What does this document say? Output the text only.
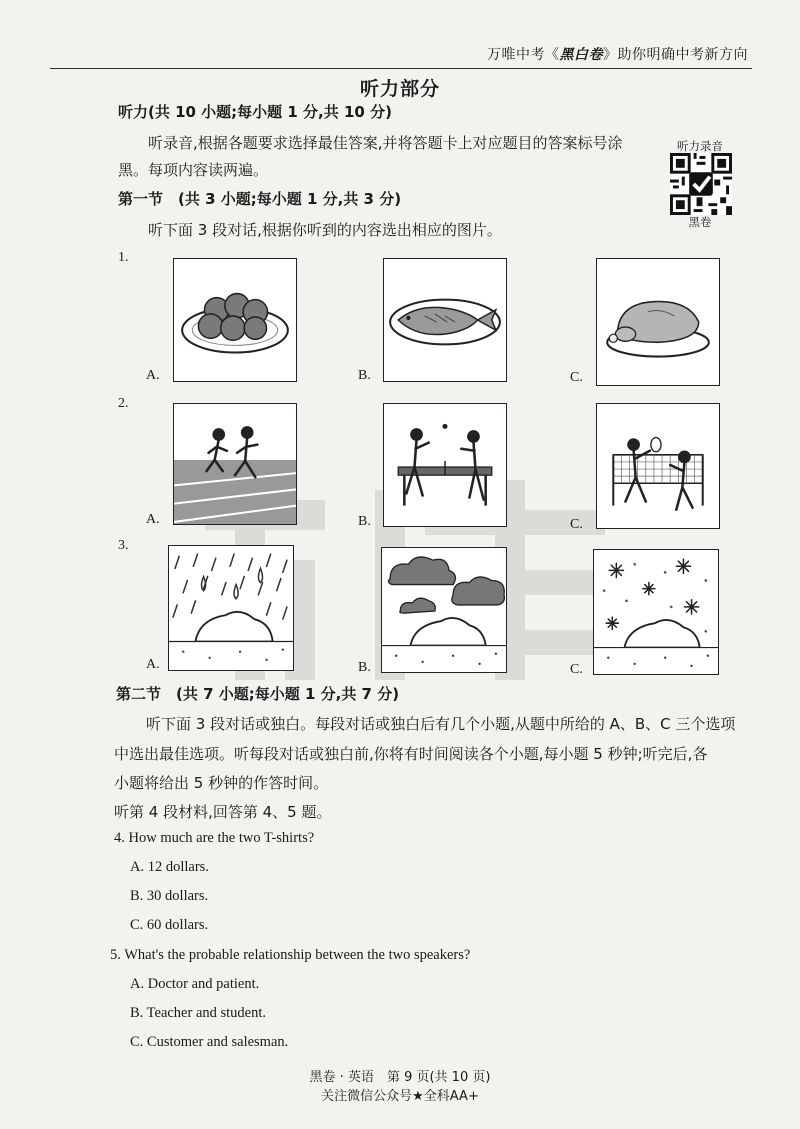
万唯中考《黑白卷》助你明确中考新方向
听力部分
听力(共 10 小题;每小题 1 分,共 10 分)
听录音,根据各题要求选择最佳答案,并将答题卡上对应题目的答案标号涂
黑。每项内容读两遍。
听力录音
黑卷
第一节　(共 3 小题;每小题 1 分,共 3 分)
听下面 3 段对话,根据你听到的内容选出相应的图片。
1.
A.	B.	C.
2.
A.	B.	C.
3.
A.	B.	C.
第二节　(共 7 小题;每小题 1 分,共 7 分)
听下面 3 段对话或独白。每段对话或独白后有几个小题,从题中所给的 A、B、C 三个选项
中选出最佳选项。听每段对话或独白前,你将有时间阅读各个小题,每小题 5 秒钟;听完后,各
小题将给出 5 秒钟的作答时间。
听第 4 段材料,回答第 4、5 题。
4. How much are the two T-shirts?
A. 12 dollars.
B. 30 dollars.
C. 60 dollars.
5. What's the probable relationship between the two speakers?
A. Doctor and patient.
B. Teacher and student.
C. Customer and salesman.
黑卷 · 英语　第 9 页(共 10 页)
关注微信公众号★全科AA+
